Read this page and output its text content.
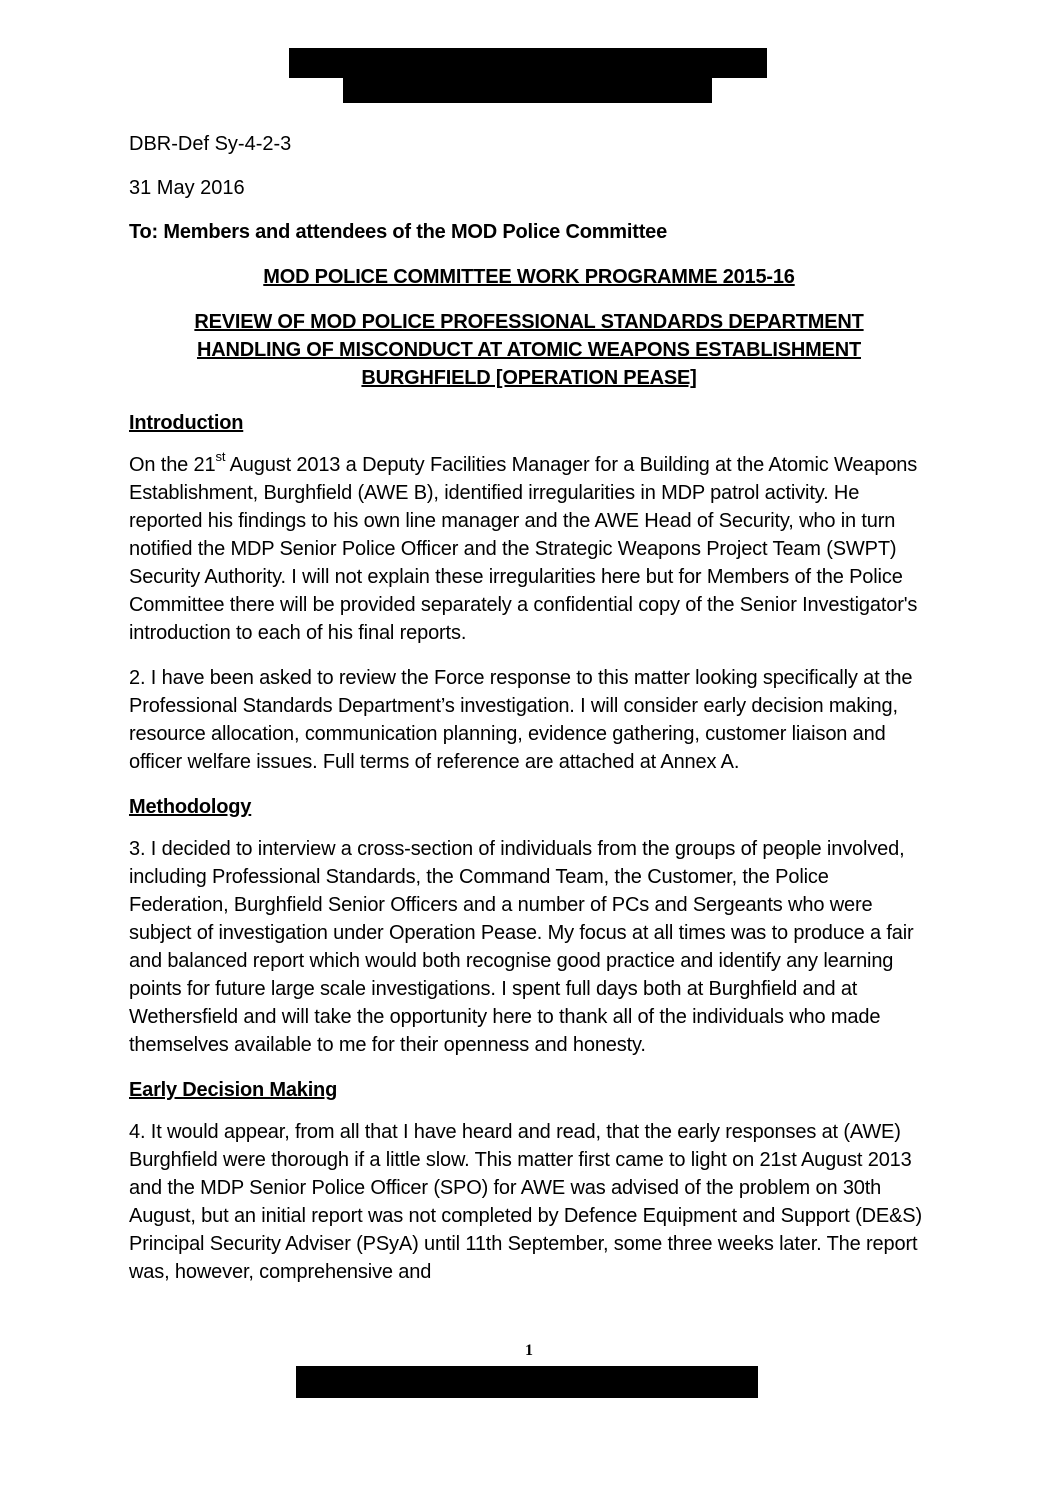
DBR-Def Sy-4-2-3

31 May 2016

To: Members and attendees of the MOD Police Committee

MOD POLICE COMMITTEE WORK PROGRAMME 2015-16

REVIEW OF MOD POLICE PROFESSIONAL STANDARDS DEPARTMENT
HANDLING OF MISCONDUCT AT ATOMIC WEAPONS ESTABLISHMENT
BURGHFIELD [OPERATION PEASE]

Introduction

On the 21st August 2013 a Deputy Facilities Manager for a Building at the Atomic Weapons Establishment, Burghfield (AWE B), identified irregularities in MDP patrol activity. He reported his findings to his own line manager and the AWE Head of Security, who in turn notified the MDP Senior Police Officer and the Strategic Weapons Project Team (SWPT) Security Authority. I will not explain these irregularities here but for Members of the Police Committee there will be provided separately a confidential copy of the Senior Investigator's introduction to each of his final reports.

2. I have been asked to review the Force response to this matter looking specifically at the Professional Standards Department’s investigation. I will consider early decision making, resource allocation, communication planning, evidence gathering, customer liaison and officer welfare issues. Full terms of reference are attached at Annex A.

Methodology

3. I decided to interview a cross-section of individuals from the groups of people involved, including Professional Standards, the Command Team, the Customer, the Police Federation, Burghfield Senior Officers and a number of PCs and Sergeants who were subject of investigation under Operation Pease. My focus at all times was to produce a fair and balanced report which would both recognise good practice and identify any learning points for future large scale investigations. I spent full days both at Burghfield and at Wethersfield and will take the opportunity here to thank all of the individuals who made themselves available to me for their openness and honesty.

Early Decision Making

4. It would appear, from all that I have heard and read, that the early responses at (AWE) Burghfield were thorough if a little slow. This matter first came to light on 21st August 2013 and the MDP Senior Police Officer (SPO) for AWE was advised of the problem on 30th August, but an initial report was not completed by Defence Equipment and Support (DE&S) Principal Security Adviser (PSyA) until 11th September, some three weeks later. The report was, however, comprehensive and

1
